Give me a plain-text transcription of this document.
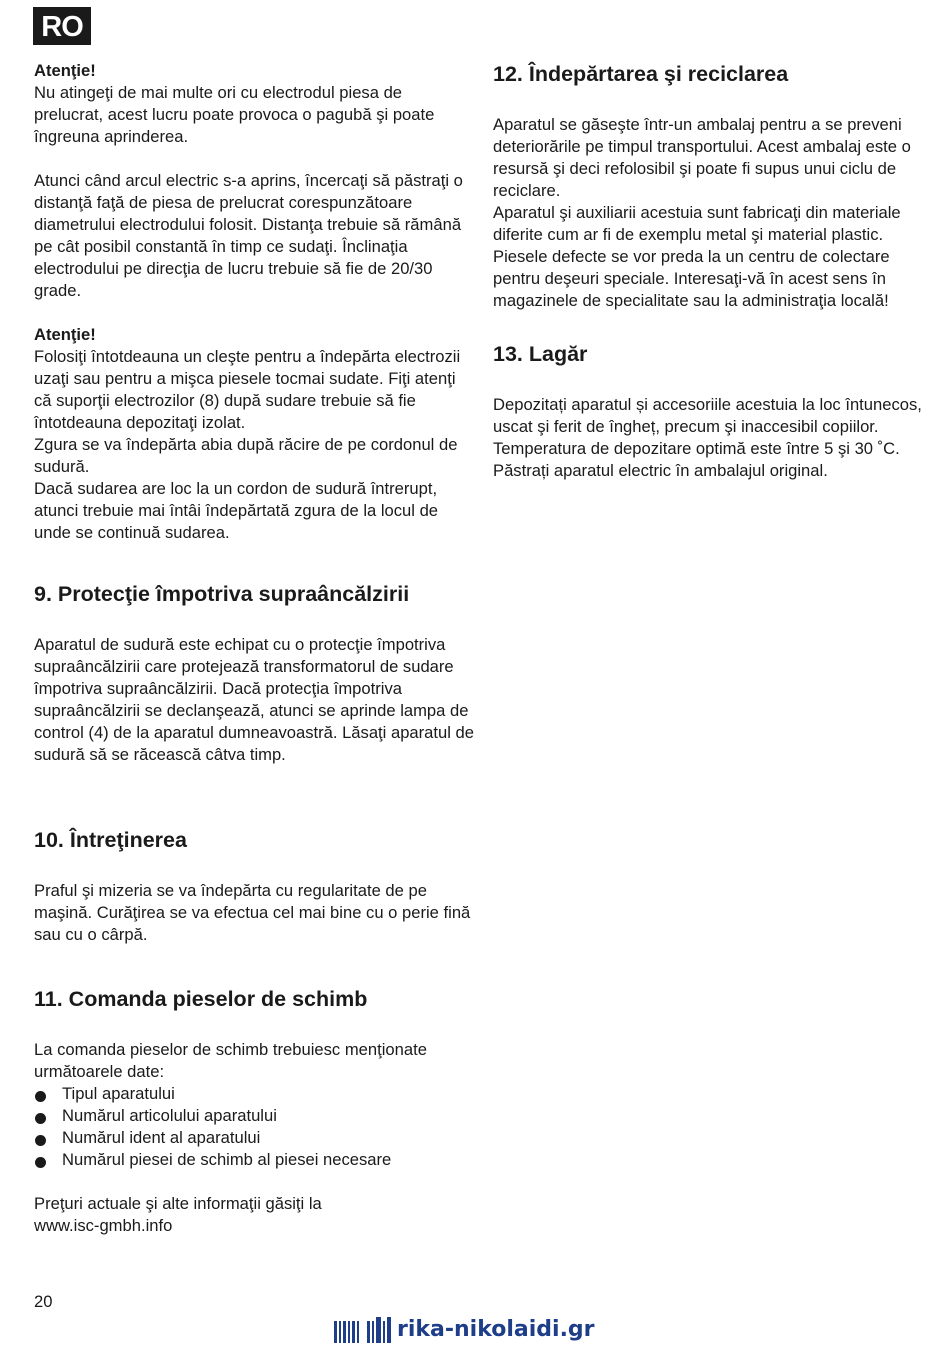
RO

Atenţie!

Nu atingeţi de mai multe ori cu electrodul piesa de prelucrat, acest lucru poate provoca o pagubă şi poate îngreuna aprinderea.

Atunci când arcul electric s-a aprins, încercaţi să păstraţi o distanţă faţă de piesa de prelucrat corespunzătoare diametrului electrodului folosit. Distanţa trebuie să rămână pe cât posibil constantă în timp ce sudaţi. Înclinaţia electrodului pe direcţia de lucru trebuie să fie de 20/30 grade.

Atenţie!

Folosiţi întotdeauna un cleşte pentru a îndepărta electrozii uzaţi sau pentru a mişca piesele tocmai sudate. Fiţi atenţi că suporţii electrozilor (8) după sudare trebuie să fie întotdeauna depozitaţi izolat.

Zgura se va îndepărta abia după răcire de pe cordonul de sudură.

Dacă sudarea are loc la un cordon de sudură întrerupt, atunci trebuie mai întâi îndepărtată zgura de la locul de unde se continuă sudarea.

9. Protecţie împotriva supraâncălzirii

Aparatul de sudură este echipat cu o protecţie împotriva supraâncălzirii care protejează transformatorul de sudare împotriva supraâncălzirii. Dacă protecţia împotriva supraâncălzirii se declanşează, atunci se aprinde lampa de control (4) de la aparatul dumneavoastră. Lăsaţi aparatul de sudură să se răcească câtva timp.

10. Întreţinerea

Praful şi mizeria se va îndepărta cu regularitate de pe maşină. Curăţirea se va efectua cel mai bine cu o perie fină sau cu o cârpă.

11. Comanda pieselor de schimb

La comanda pieselor de schimb trebuiesc menţionate următoarele date:

Tipul aparatului
Numărul articolului aparatului
Numărul ident al aparatului
Numărul piesei de schimb al piesei necesare

Preţuri actuale şi alte informaţii găsiţi la www.isc-gmbh.info

12. Îndepărtarea şi reciclarea

Aparatul se găseşte într-un ambalaj pentru a se preveni deteriorările pe timpul transportului. Acest ambalaj este o resursă şi deci refolosibil şi poate fi supus unui ciclu de reciclare.

Aparatul şi auxiliarii acestuia sunt fabricaţi din materiale diferite cum ar fi de exemplu metal şi material plastic. Piesele defecte se vor preda la un centru de colectare pentru deşeuri speciale. Interesaţi-vă în acest sens în magazinele de specialitate sau la administraţia locală!

13. Lagăr

Depozitați aparatul și accesoriile acestuia la loc întunecos, uscat şi ferit de îngheț, precum şi inaccesibil copiilor. Temperatura de depozitare optimă este între 5 şi 30 ˚C. Păstrați aparatul electric în ambalajul original.

20
rika-nikolaidi.gr
